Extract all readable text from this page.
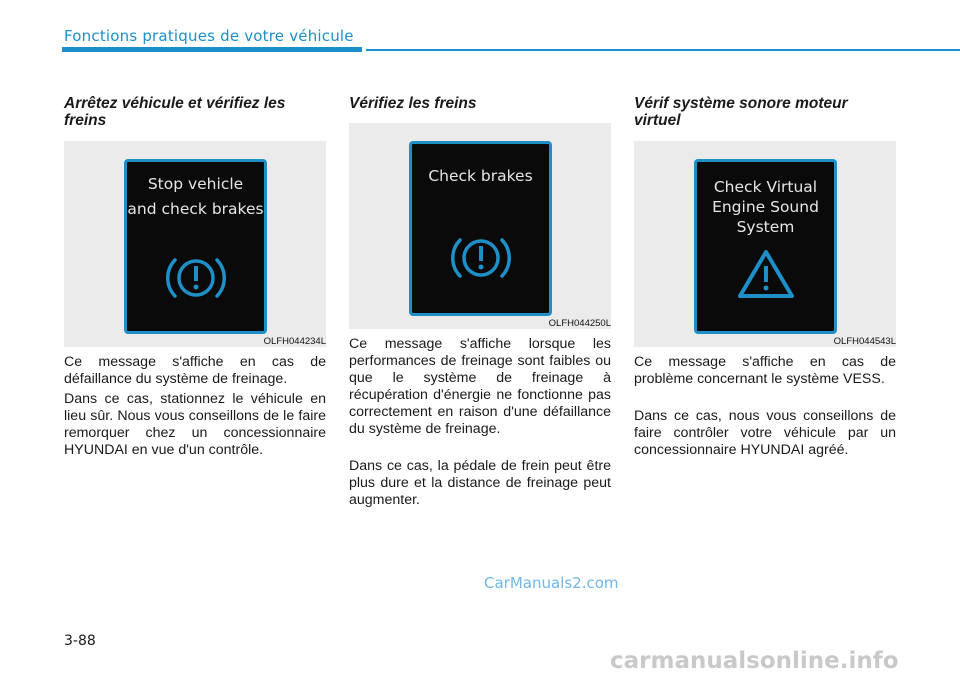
Fonctions pratiques de votre véhicule
Arrêtez véhicule et vérifiez les freins
Stop vehicle
and check brakes
OLFH044234L
Ce message s'affiche en cas de défaillance du système de freinage.
Dans ce cas, stationnez le véhicule en lieu sûr. Nous vous conseillons de le faire remorquer chez un concessionnaire HYUNDAI en vue d'un contrôle.
Vérifiez les freins
Check brakes
OLFH044250L
Ce message s'affiche lorsque les performances de freinage sont faibles ou que le système de freinage à récupération d'énergie ne fonctionne pas correctement en raison d'une défaillance du système de freinage.
Dans ce cas, la pédale de frein peut être plus dure et la distance de freinage peut augmenter.
Vérif système sonore moteur virtuel
Check Virtual
Engine Sound
System
OLFH044543L
Ce message s'affiche en cas de problème concernant le système VESS.
Dans ce cas, nous vous conseillons de faire contrôler votre véhicule par un concessionnaire HYUNDAI agréé.
CarManuals2.com
3-88
carmanualsonline.info
